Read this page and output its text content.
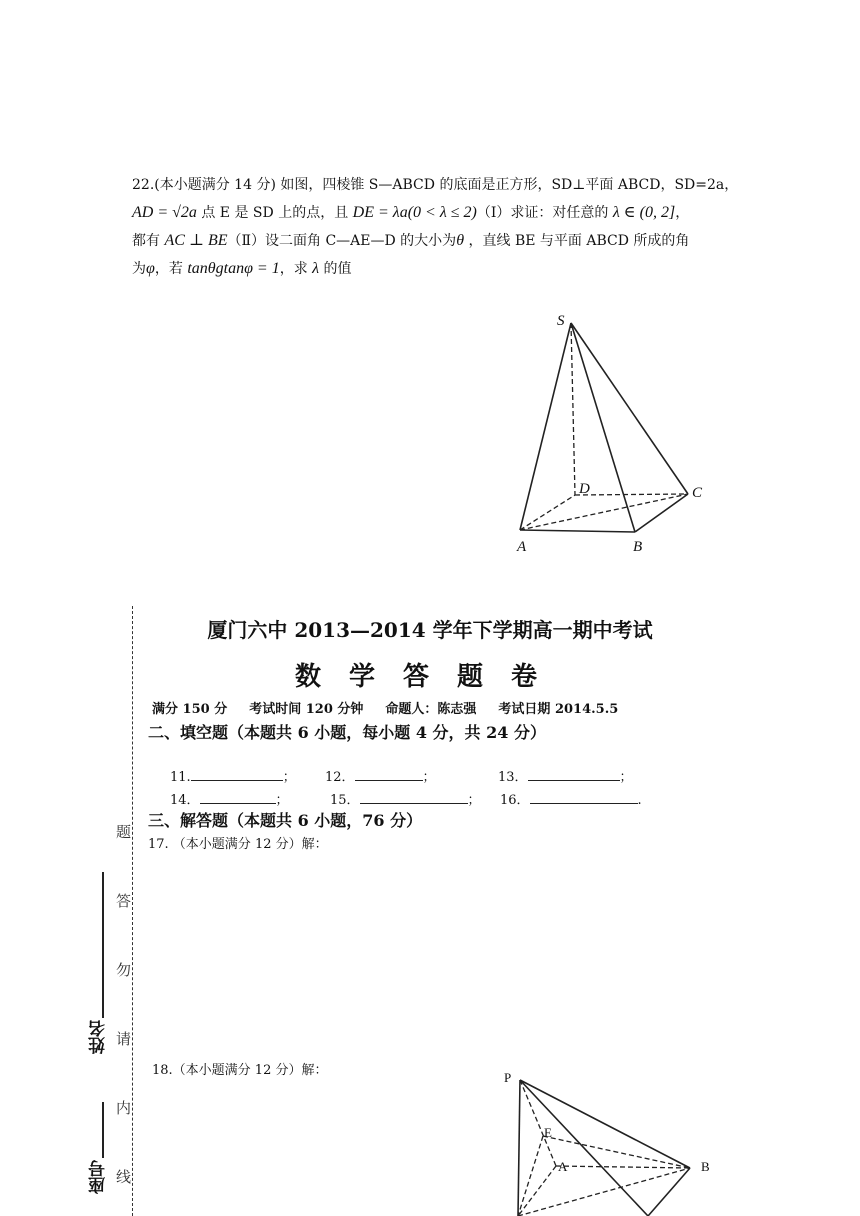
22.(本小题满分 14 分) 如图，四棱锥 S—ABCD 的底面是正方形，SD⊥平面 ABCD，SD=2a，
AD = √2a 点 E 是 SD 上的点，且 DE = λa(0 < λ ≤ 2)（Ⅰ）求证：对任意的 λ ∈ (0, 2]，
都有 AC ⊥ BE（Ⅱ）设二面角 C—AE—D 的大小为θ ，直线 BE 与平面 ABCD 所成的角
为φ，若 tanθgtanφ = 1，求 λ 的值
S
D	C
A	B
厦门六中 2013—2014 学年下学期高一期中考试
数学答题卷
满分 150 分 考试时间 120 分钟 命题人：陈志强 考试日期 2014.5.5
二、填空题（本题共 6 小题，每小题 4 分，共 24 分）
11.	； 12．	；	13．	；
14．	；	15．	； 16．	.
三、解答题（本题共 6 小题，76 分）
17. （本小题满分 12 分）解：
18.（本小题满分 12 分）解：	P
E
A	B
题
答
勿
请
内
线
姓名
座号
